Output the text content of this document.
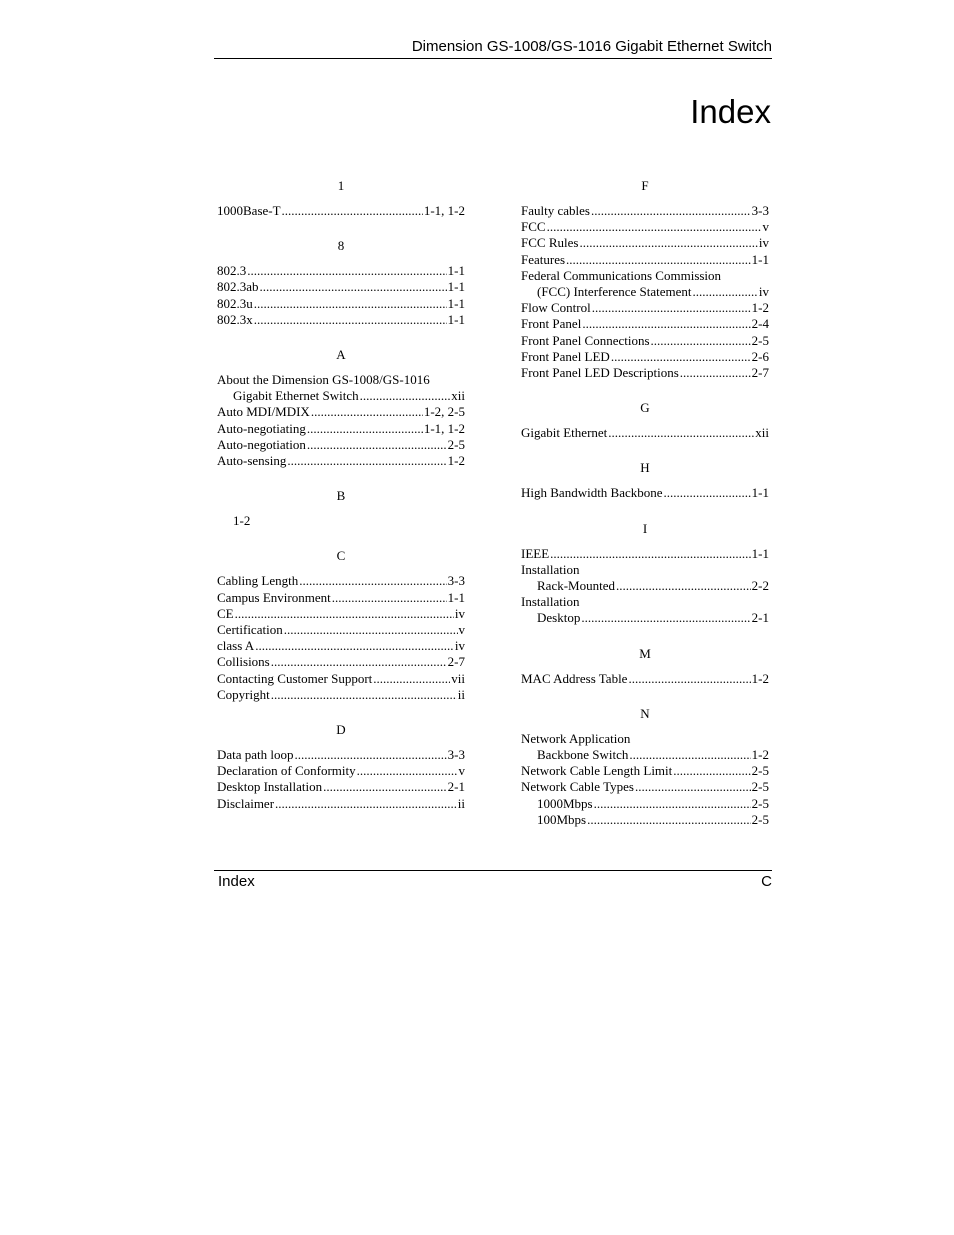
Dimension GS-1008/GS-1016 Gigabit Ethernet Switch
Index
1
1000Base-T .....	1-1, 1-2
8
802.3 .....	1-1
802.3ab .....	1-1
802.3u .....	1-1
802.3x .....	1-1
A
About the Dimension GS-1008/GS-1016
Gigabit Ethernet Switch .....	xii
Auto MDI/MDIX .....	1-2, 2-5
Auto-negotiating .....	1-1, 1-2
Auto-negotiation .....	2-5
Auto-sensing .....	1-2
B
1-2
C
Cabling Length .....	3-3
Campus Environment .....	1-1
CE .....	iv
Certification .....	v
class A .....	iv
Collisions .....	2-7
Contacting Customer Support .....	vii
Copyright .....	ii
D
Data path loop .....	3-3
Declaration of Conformity .....	v
Desktop Installation .....	2-1
Disclaimer .....	ii
F
Faulty cables .....	3-3
FCC .....	v
FCC Rules .....	iv
Features .....	1-1
Federal Communications Commission
(FCC) Interference Statement .....	iv
Flow Control .....	1-2
Front Panel .....	2-4
Front Panel Connections .....	2-5
Front Panel LED .....	2-6
Front Panel LED Descriptions .....	2-7
G
Gigabit Ethernet .....	xii
H
High Bandwidth Backbone .....	1-1
I
IEEE .....	1-1
Installation
Rack-Mounted .....	2-2
Installation
Desktop .....	2-1
M
MAC Address Table .....	1-2
N
Network Application
Backbone Switch .....	1-2
Network Cable Length Limit .....	2-5
Network Cable Types .....	2-5
1000Mbps .....	2-5
100Mbps .....	2-5
Index	C
